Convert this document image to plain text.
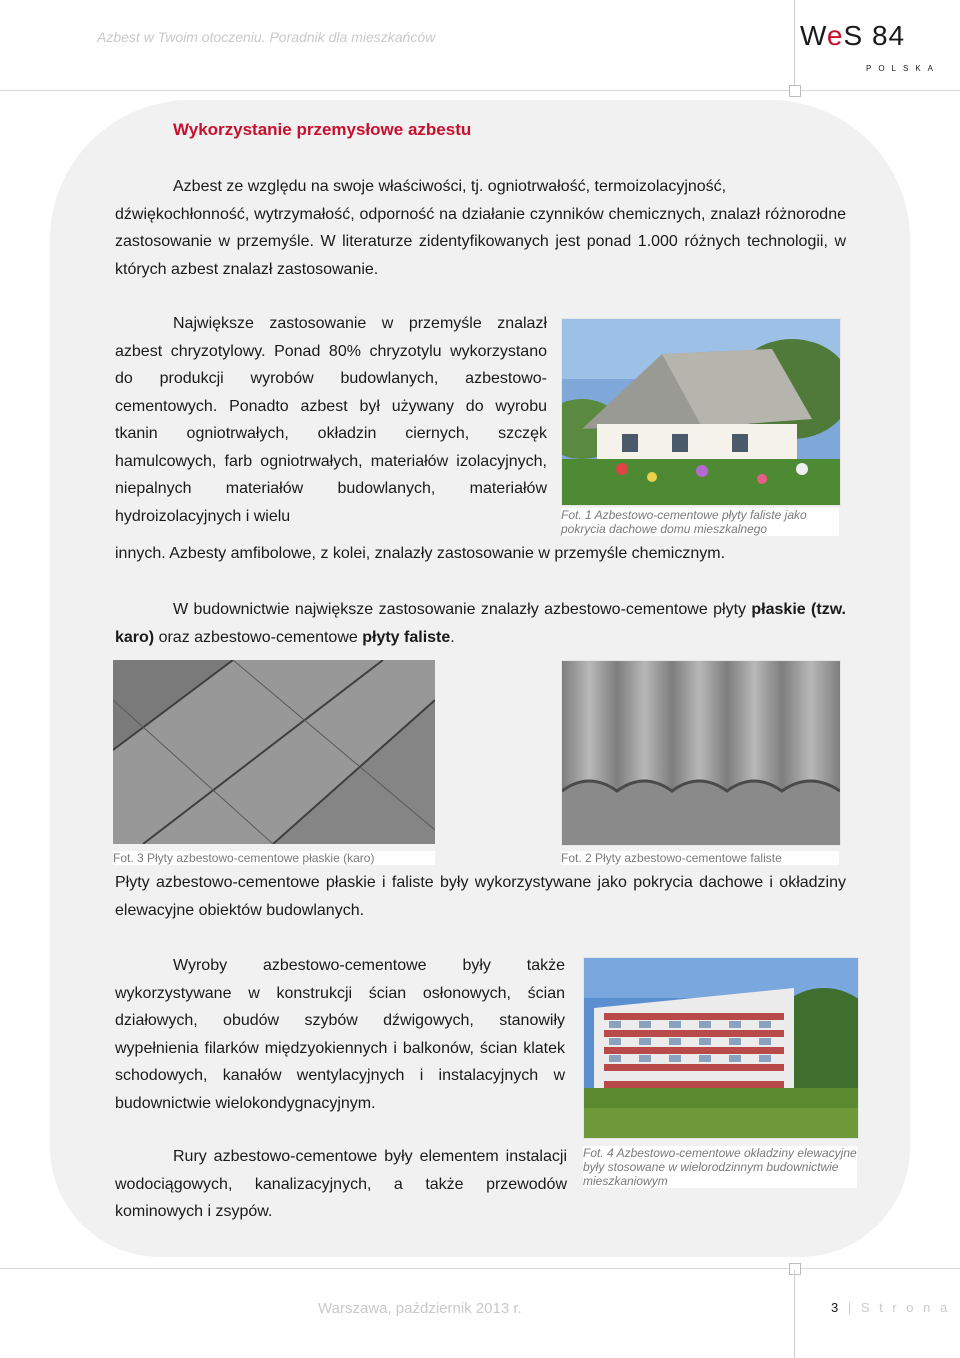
Azbest w Twoim otoczeniu. Poradnik dla mieszkańców	WeS 84
POLSKA
Wykorzystanie przemysłowe azbestu
Azbest ze względu na swoje właściwości, tj. ogniotrwałość, termoizolacyjność,
dźwiękochłonność, wytrzymałość, odporność na działanie czynników chemicznych, znalazł różnorodne zastosowanie w przemyśle. W literaturze zidentyfikowanych jest ponad 1.000 różnych technologii, w których azbest znalazł zastosowanie.
Największe zastosowanie w przemyśle znalazł azbest chryzotylowy. Ponad 80% chryzotylu wykorzystano do produkcji wyrobów budowlanych, azbestowo-cementowych. Ponadto azbest był używany do wyrobu tkanin ogniotrwałych, okładzin ciernych, szczęk hamulcowych, farb ogniotrwałych, materiałów izolacyjnych, niepalnych materiałów budowlanych, materiałów hydroizolacyjnych i wielu
innych. Azbesty amfibolowe, z kolei, znalazły zastosowanie w przemyśle chemicznym.
Fot. 1 Azbestowo-cementowe płyty faliste jako pokrycia dachowe domu mieszkalnego
W budownictwie największe zastosowanie znalazły azbestowo-cementowe płyty płaskie (tzw. karo) oraz azbestowo-cementowe płyty faliste.
Fot. 3 Płyty azbestowo-cementowe płaskie (karo)	Fot. 2 Płyty azbestowo-cementowe faliste
Płyty azbestowo-cementowe płaskie i faliste były wykorzystywane jako pokrycia dachowe i okładziny elewacyjne obiektów budowlanych.
Wyroby azbestowo-cementowe były także wykorzystywane w konstrukcji ścian osłonowych, ścian działowych, obudów szybów dźwigowych, stanowiły wypełnienia filarków międzyokiennych i balkonów, ścian klatek schodowych, kanałów wentylacyjnych i instalacyjnych w budownictwie wielokondygnacyjnym.
Fot. 4 Azbestowo-cementowe okładziny elewacyjne były stosowane w wielorodzinnym budownictwie mieszkaniowym
Rury azbestowo-cementowe były elementem instalacji wodociągowych, kanalizacyjnych, a także przewodów kominowych i zsypów.
Warszawa, październik 2013 r.	3 | S t r o n a
